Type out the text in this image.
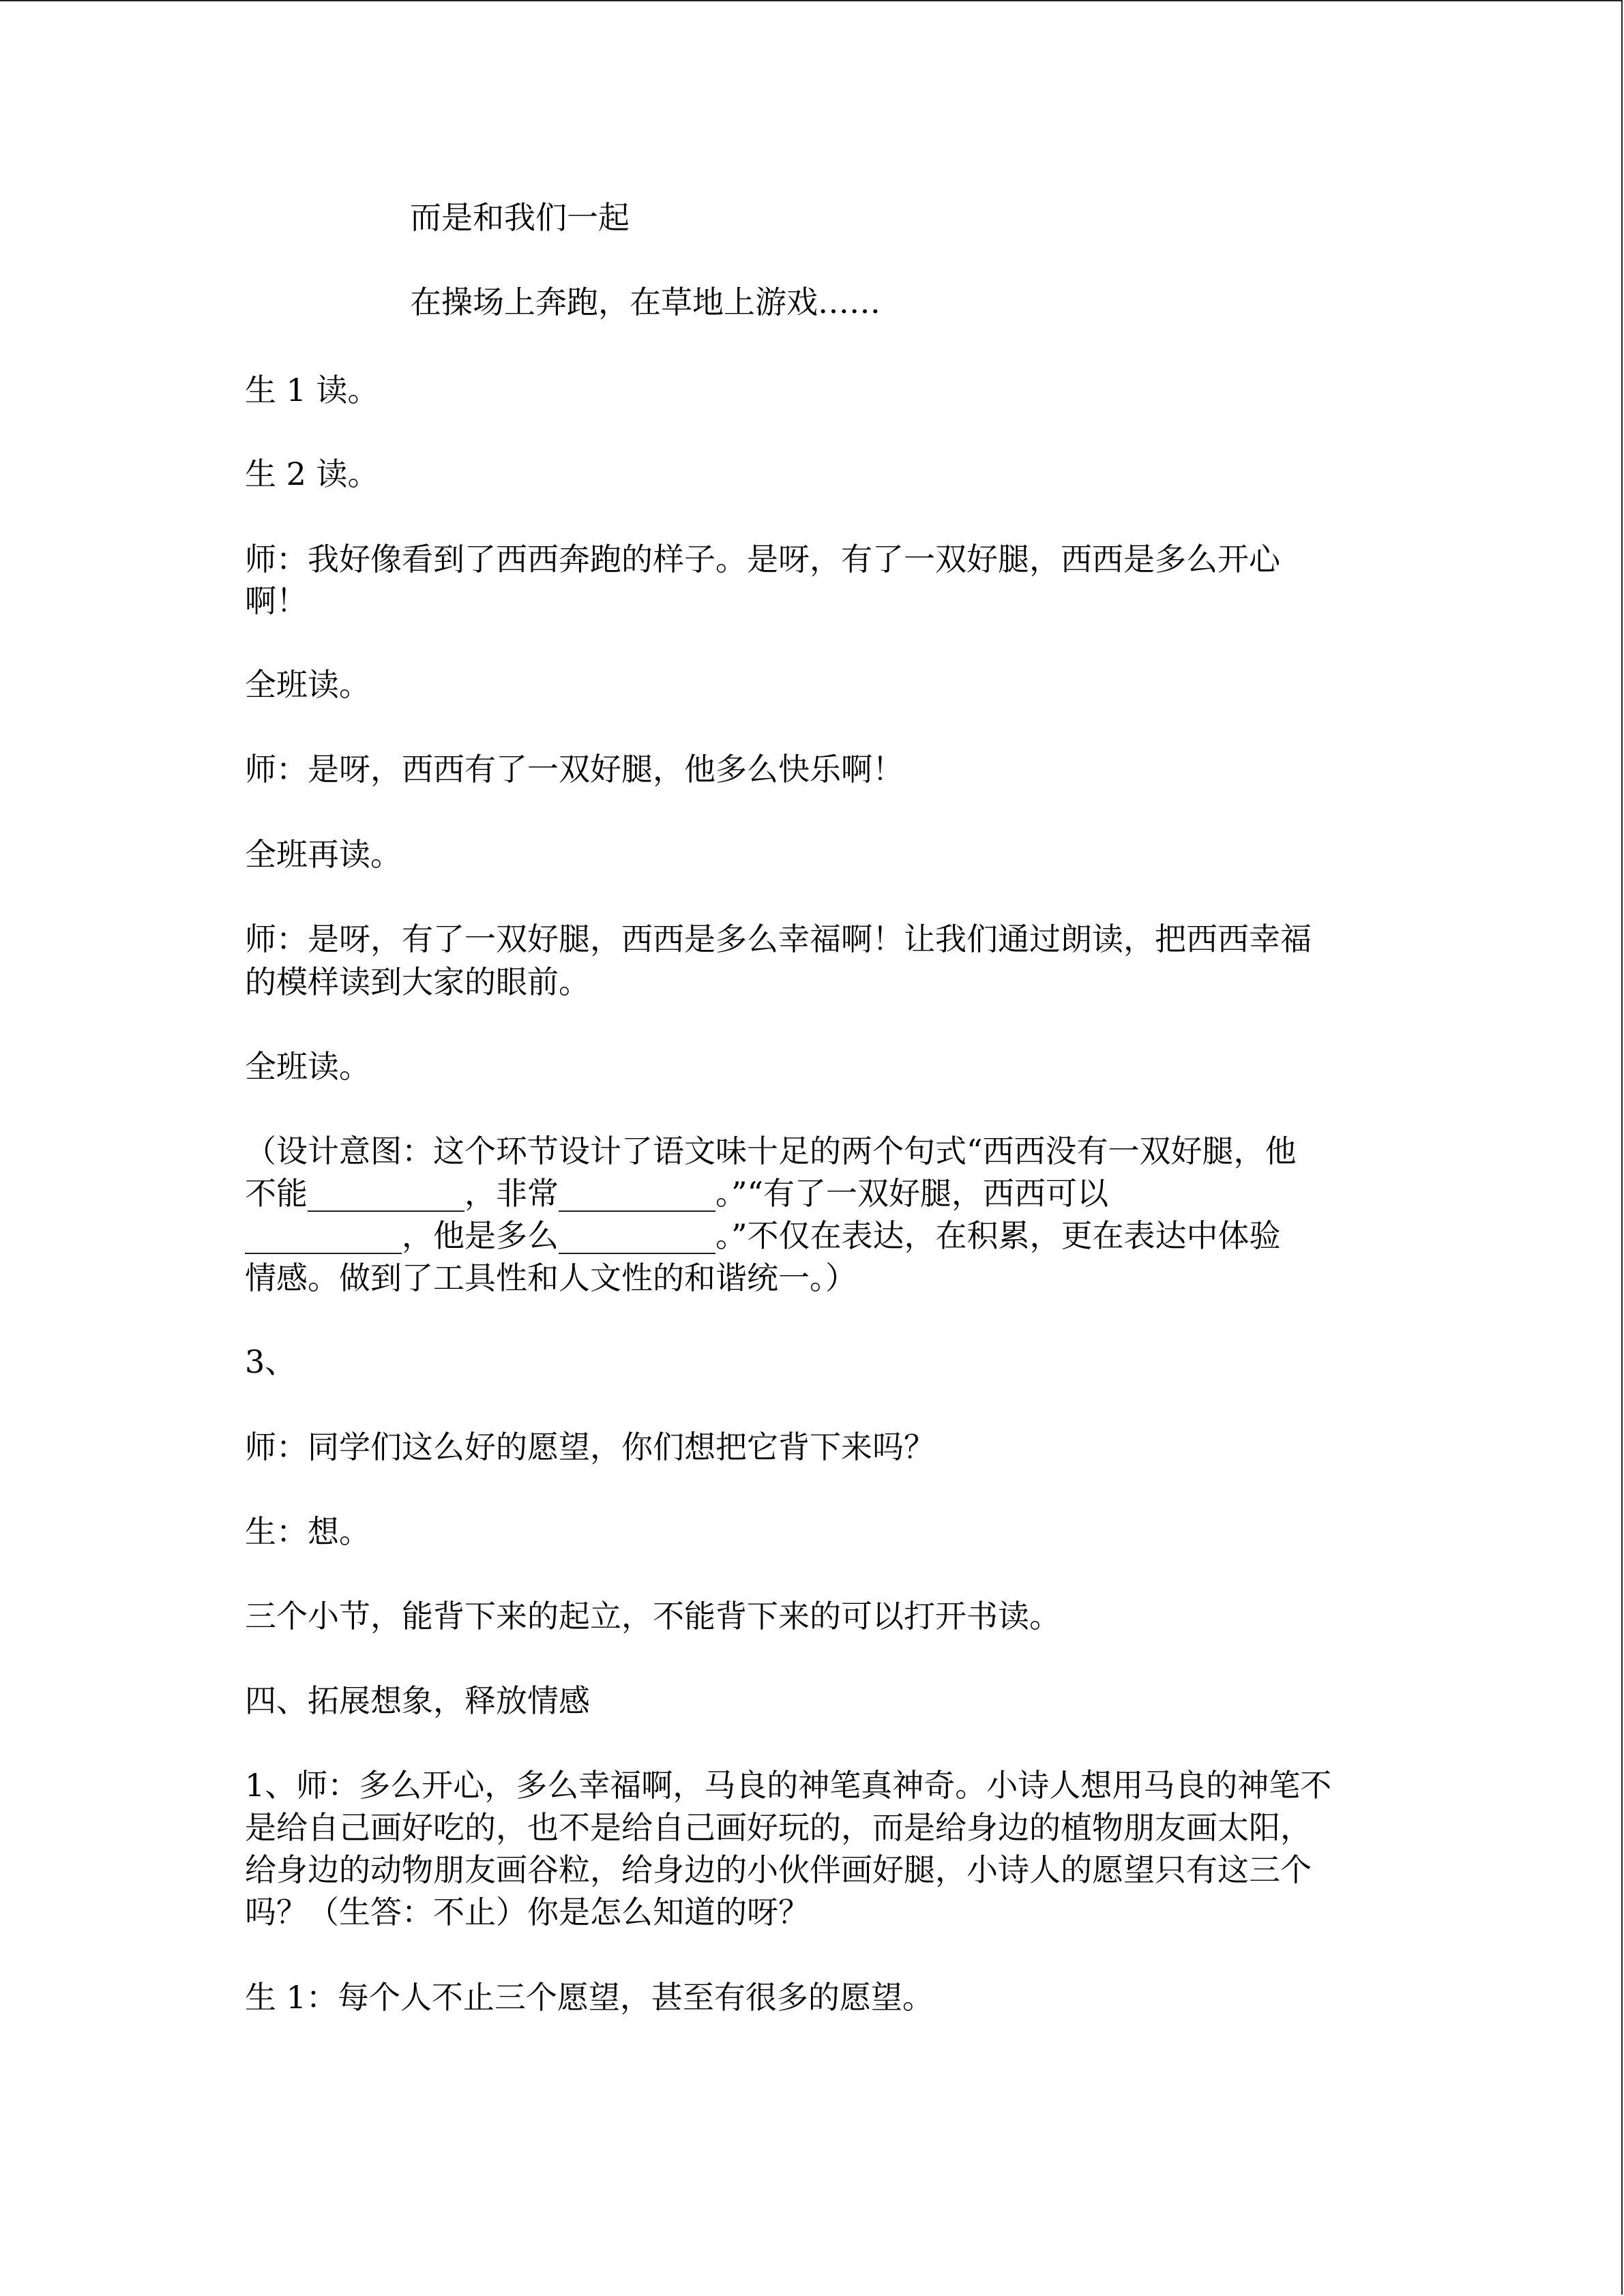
而是和我们一起
在操场上奔跑，在草地上游戏……
生 1 读。
生 2 读。
师：我好像看到了西西奔跑的样子。是呀，有了一双好腿，西西是多么开心
啊！
全班读。
师：是呀，西西有了一双好腿，他多么快乐啊！
全班再读。
师：是呀，有了一双好腿，西西是多么幸福啊！让我们通过朗读，把西西幸福
的模样读到大家的眼前。
全班读。
（设计意图：这个环节设计了语文味十足的两个句式“西西没有一双好腿，他
不能__________，非常__________。”“有了一双好腿，西西可以
__________，他是多么__________。”不仅在表达，在积累，更在表达中体验
情感。做到了工具性和人文性的和谐统一。）
3、
师：同学们这么好的愿望，你们想把它背下来吗？
生：想。
三个小节，能背下来的起立，不能背下来的可以打开书读。
四、拓展想象，释放情感
1、师：多么开心，多么幸福啊，马良的神笔真神奇。小诗人想用马良的神笔不
是给自己画好吃的，也不是给自己画好玩的，而是给身边的植物朋友画太阳，
给身边的动物朋友画谷粒，给身边的小伙伴画好腿，小诗人的愿望只有这三个
吗？（生答：不止）你是怎么知道的呀？
生 1：每个人不止三个愿望，甚至有很多的愿望。
